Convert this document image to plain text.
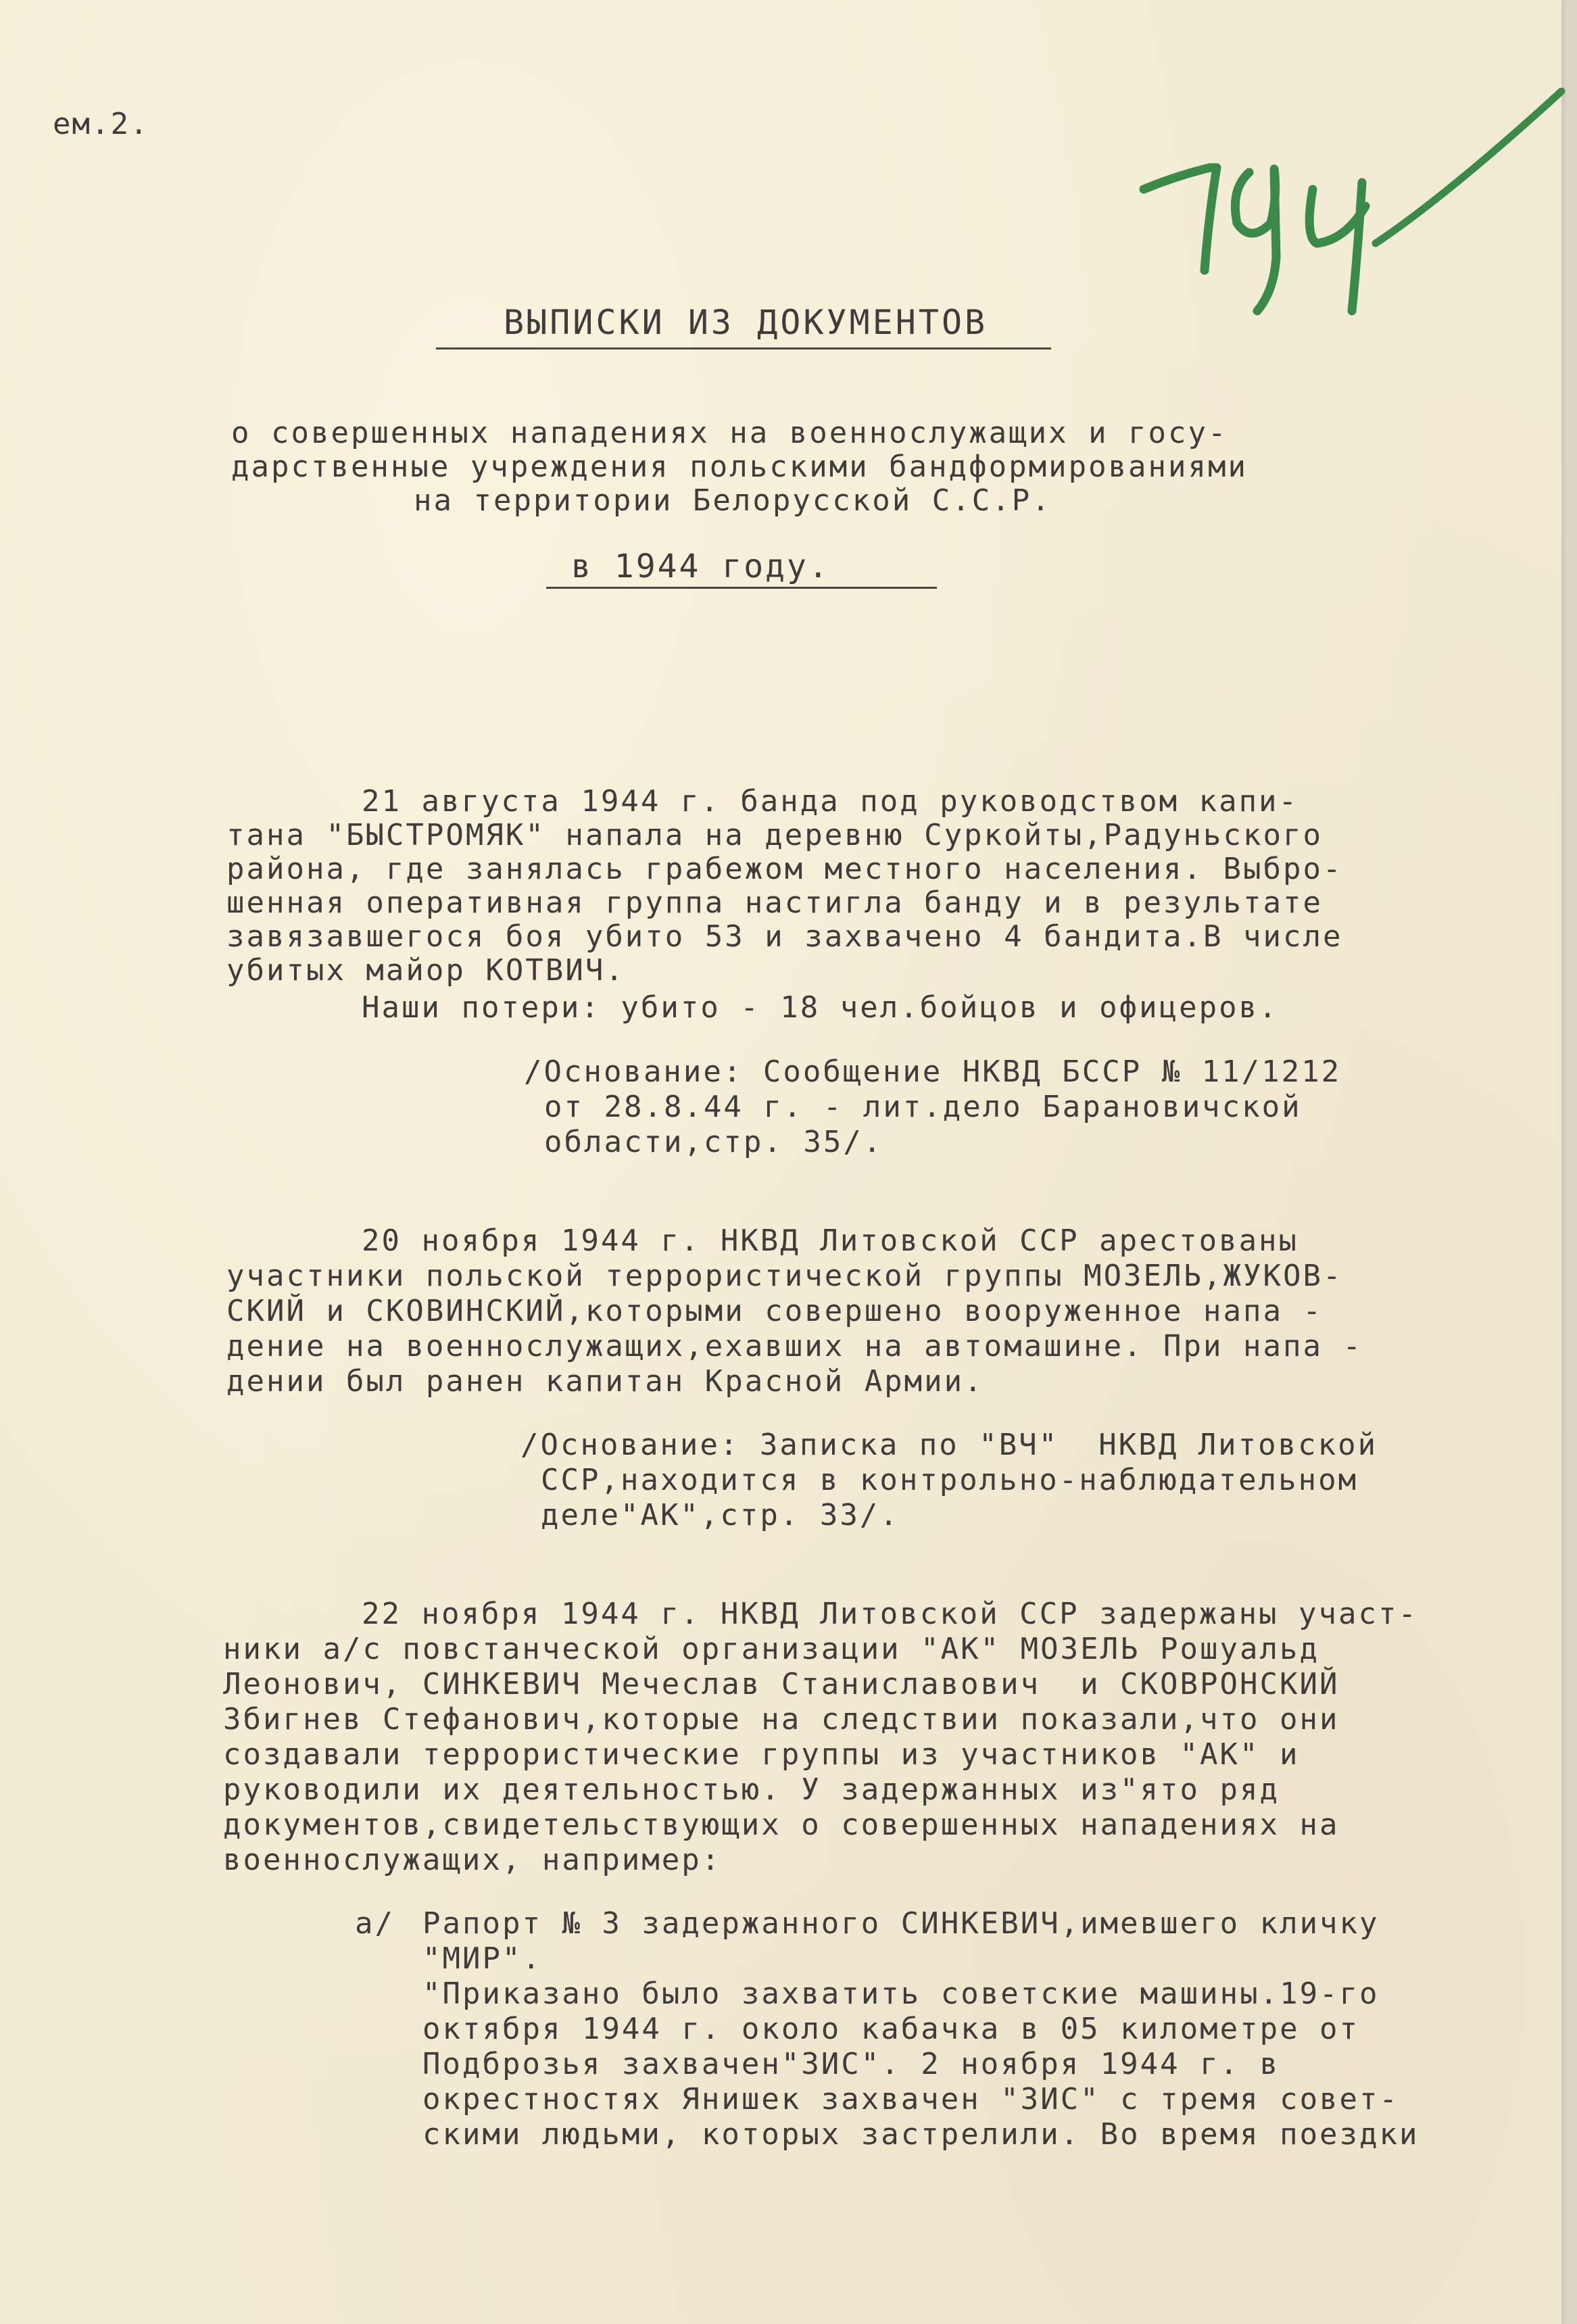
ем.2.
194
ВЫПИСКИ ИЗ ДОКУМЕНТОВ
о совершенных нападениях на военнослужащих и госу-
дарственные учреждения польскими бандформированиями
на территории Белорусской С.С.Р.
в 1944 году.
21 августа 1944 г. банда под руководством капи-
тана "БЫСТРОМЯК" напала на деревню Суркойты,Радуньского
района, где занялась грабежом местного населения. Выбро-
шенная оперативная группа настигла банду и в результате
завязавшегося боя убито 53 и захвачено 4 бандита.В числе
убитых майор КОТВИЧ.
Наши потери: убито - 18 чел.бойцов и офицеров.
/Основание: Сообщение НКВД БССР № 11/1212
от 28.8.44 г. - лит.дело Барановичской
области,стр. 35/.
20 ноября 1944 г. НКВД Литовской ССР арестованы
участники польской террористической группы МОЗЕЛЬ,ЖУКОВ-
СКИЙ и СКОВИНСКИЙ,которыми совершено вооруженное напа -
дение на военнослужащих,ехавших на автомашине. При напа -
дении был ранен капитан Красной Армии.
/Основание: Записка по "ВЧ"  НКВД Литовской
ССР,находится в контрольно-наблюдательном
деле"АК",стр. 33/.
22 ноября 1944 г. НКВД Литовской ССР задержаны участ-
ники а/с повстанческой организации "АК" МОЗЕЛЬ Рошуальд
Леонович, СИНКЕВИЧ Мечеслав Станиславович  и СКОВРОНСКИЙ
Збигнев Стефанович,которые на следствии показали,что они
создавали террористические группы из участников "АК" и
руководили их деятельностью. У задержанных из"ято ряд
документов,свидетельствующих о совершенных нападениях на
военнослужащих, например:
а/ Рапорт № 3 задержанного СИНКЕВИЧ,имевшего кличку
"МИР".
"Приказано было захватить советские машины.19-го
октября 1944 г. около кабачка в 05 километре от
Подброзья захвачен"ЗИС". 2 ноября 1944 г. в
окрестностях Янишек захвачен "ЗИС" с тремя совет-
скими людьми, которых застрелили. Во время поездки
